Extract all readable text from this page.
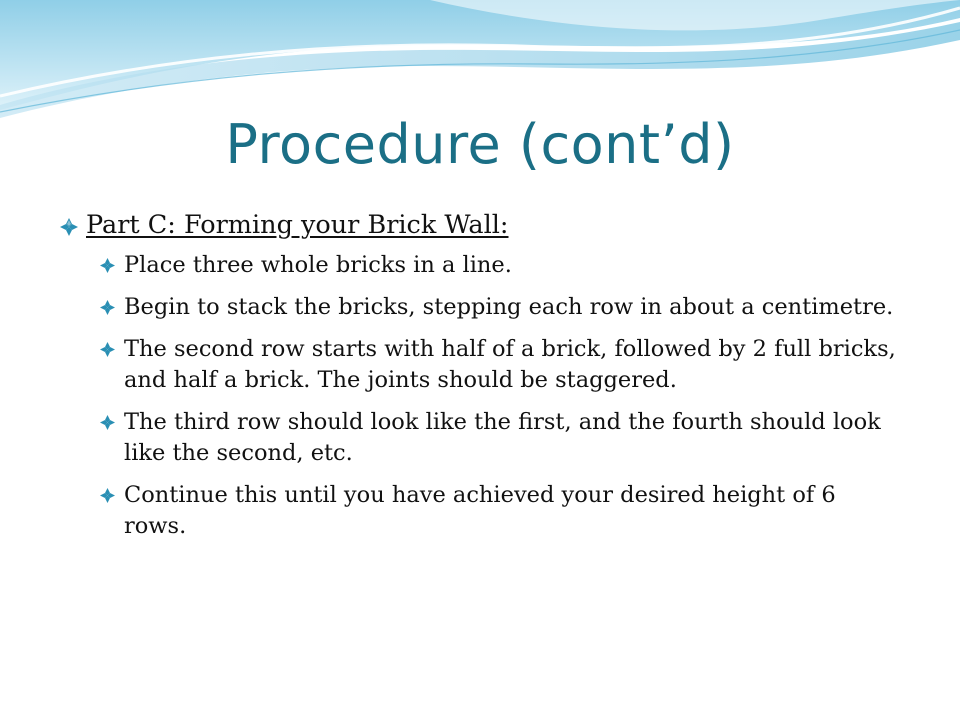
Procedure (cont’d)
Part C: Forming your Brick Wall:
Place three whole bricks in a line.
Begin to stack the bricks, stepping each row in about a centimetre.
The second row starts with half of a brick, followed by 2 full bricks, and half a brick. The joints should be staggered.
The third row should look like the first, and the fourth should look like the second, etc.
Continue this until you have achieved your desired height of 6 rows.
